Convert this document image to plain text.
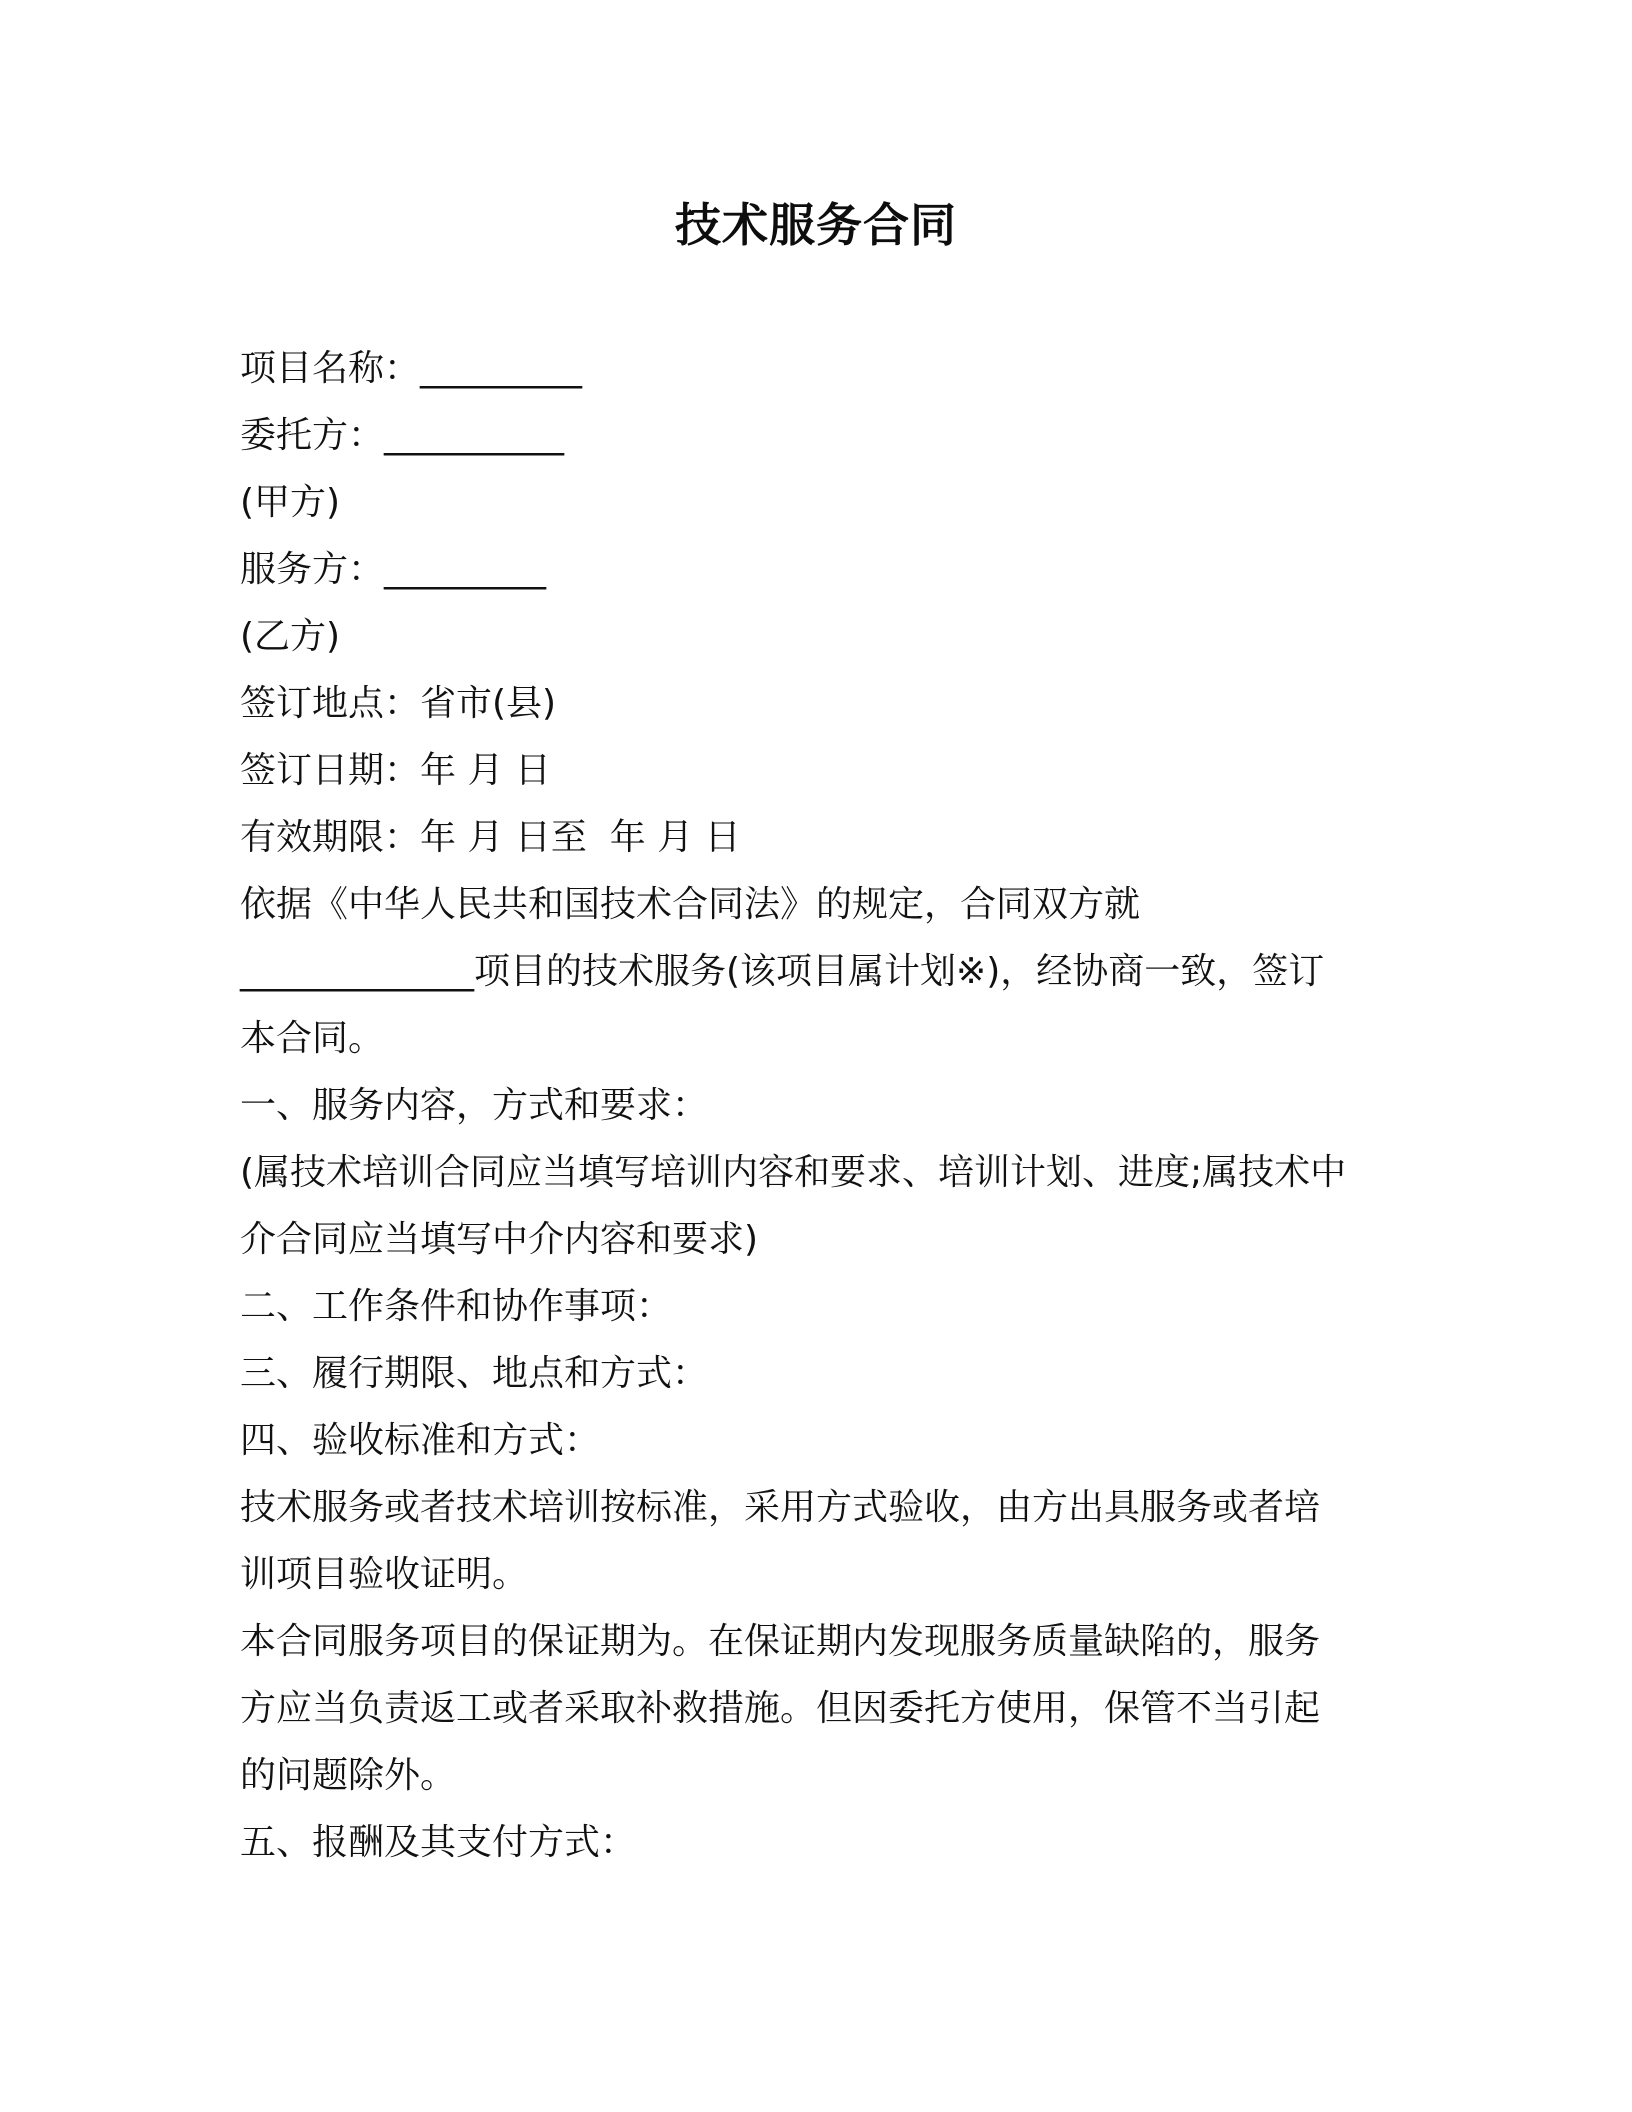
技术服务合同
项目名称：_________
委托方：__________
(甲方)
服务方：_________
(乙方)
签订地点：省市(县)
签订日期：年 月 日
有效期限：年 月 日至  年 月 日
依据《中华人民共和国技术合同法》的规定，合同双方就
_____________项目的技术服务(该项目属计划※)，经协商一致，签订
本合同。
一、服务内容，方式和要求：
(属技术培训合同应当填写培训内容和要求、培训计划、进度;属技术中
介合同应当填写中介内容和要求)
二、工作条件和协作事项：
三、履行期限、地点和方式：
四、验收标准和方式：
技术服务或者技术培训按标准，采用方式验收，由方出具服务或者培
训项目验收证明。
本合同服务项目的保证期为。在保证期内发现服务质量缺陷的，服务
方应当负责返工或者采取补救措施。但因委托方使用，保管不当引起
的问题除外。
五、报酬及其支付方式：
